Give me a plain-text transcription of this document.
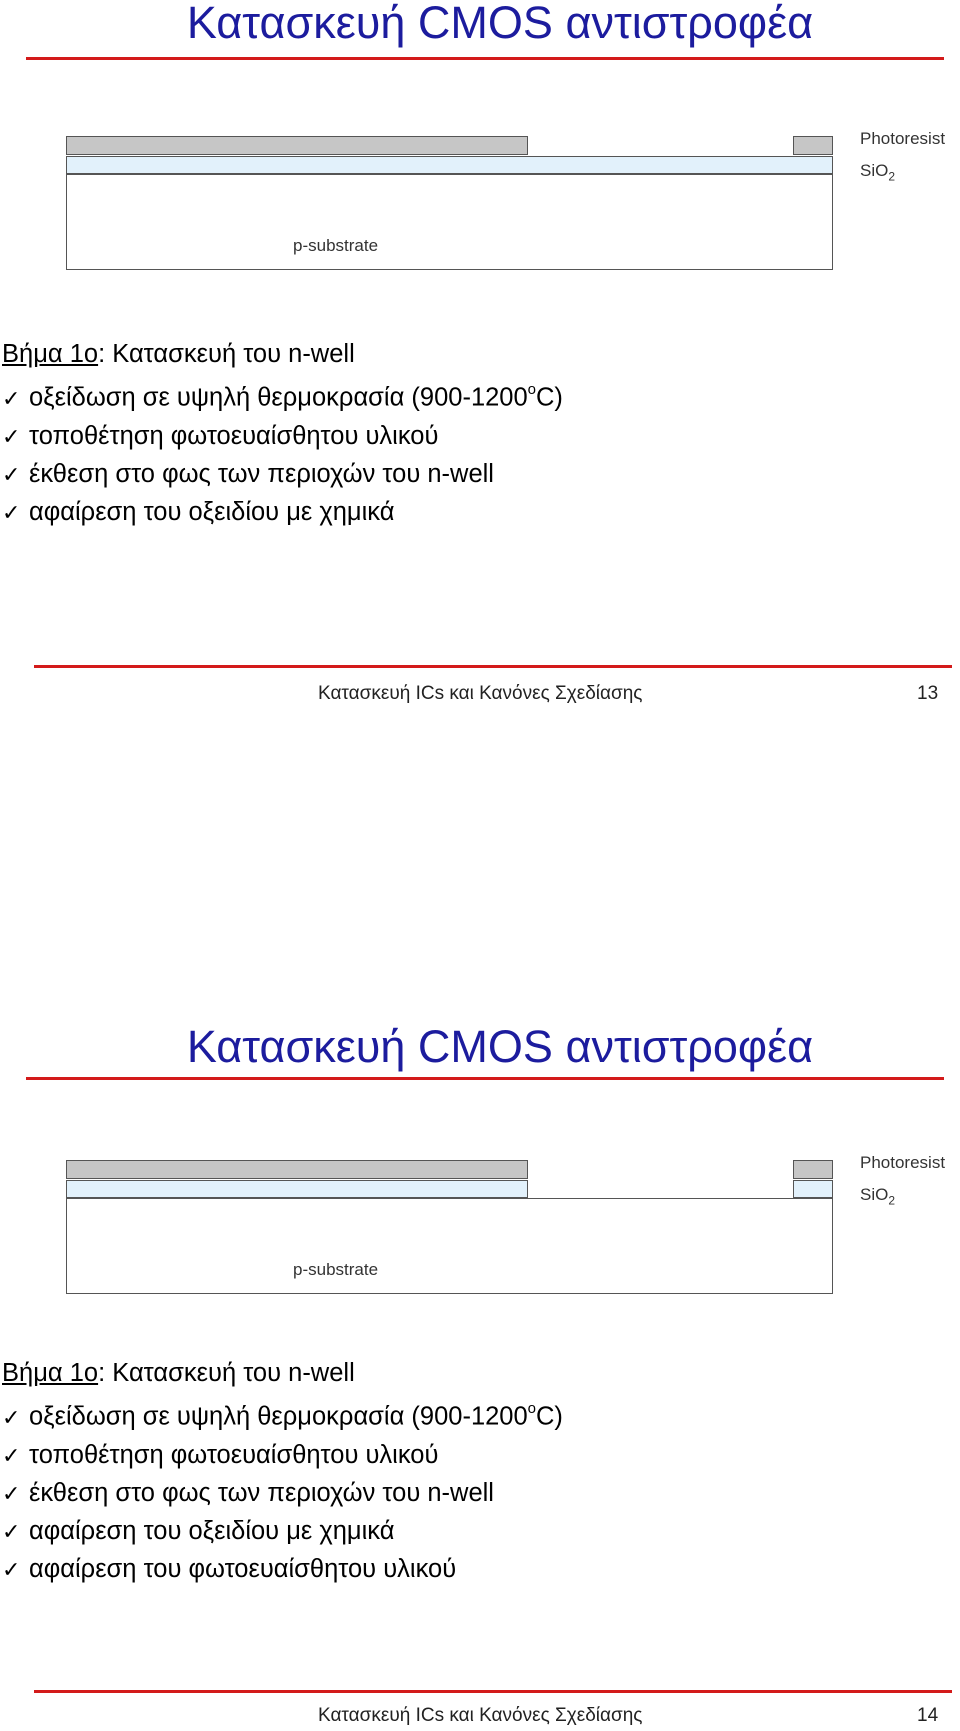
Κατασκευή CMOS αντιστροφέα
p-substrate
Photoresist
SiO$_2$
Βήμα 1ο: Κατασκευή του n-well
✓ οξείδωση σε υψηλή θερμοκρασία (900-1200$^o$C)
✓ τοποθέτηση φωτοευαίσθητου υλικού
✓ έκθεση στο φως των περιοχών του n-well
✓ αφαίρεση του οξειδίου με χημικά
Κατασκευή ICs και Κανόνες Σχεδίασης	13
Κατασκευή CMOS αντιστροφέα
p-substrate
Photoresist
SiO$_2$
Βήμα 1ο: Κατασκευή του n-well
✓ οξείδωση σε υψηλή θερμοκρασία (900-1200$^o$C)
✓ τοποθέτηση φωτοευαίσθητου υλικού
✓ έκθεση στο φως των περιοχών του n-well
✓ αφαίρεση του οξειδίου με χημικά
✓ αφαίρεση του φωτοευαίσθητου υλικού
Κατασκευή ICs και Κανόνες Σχεδίασης	14
